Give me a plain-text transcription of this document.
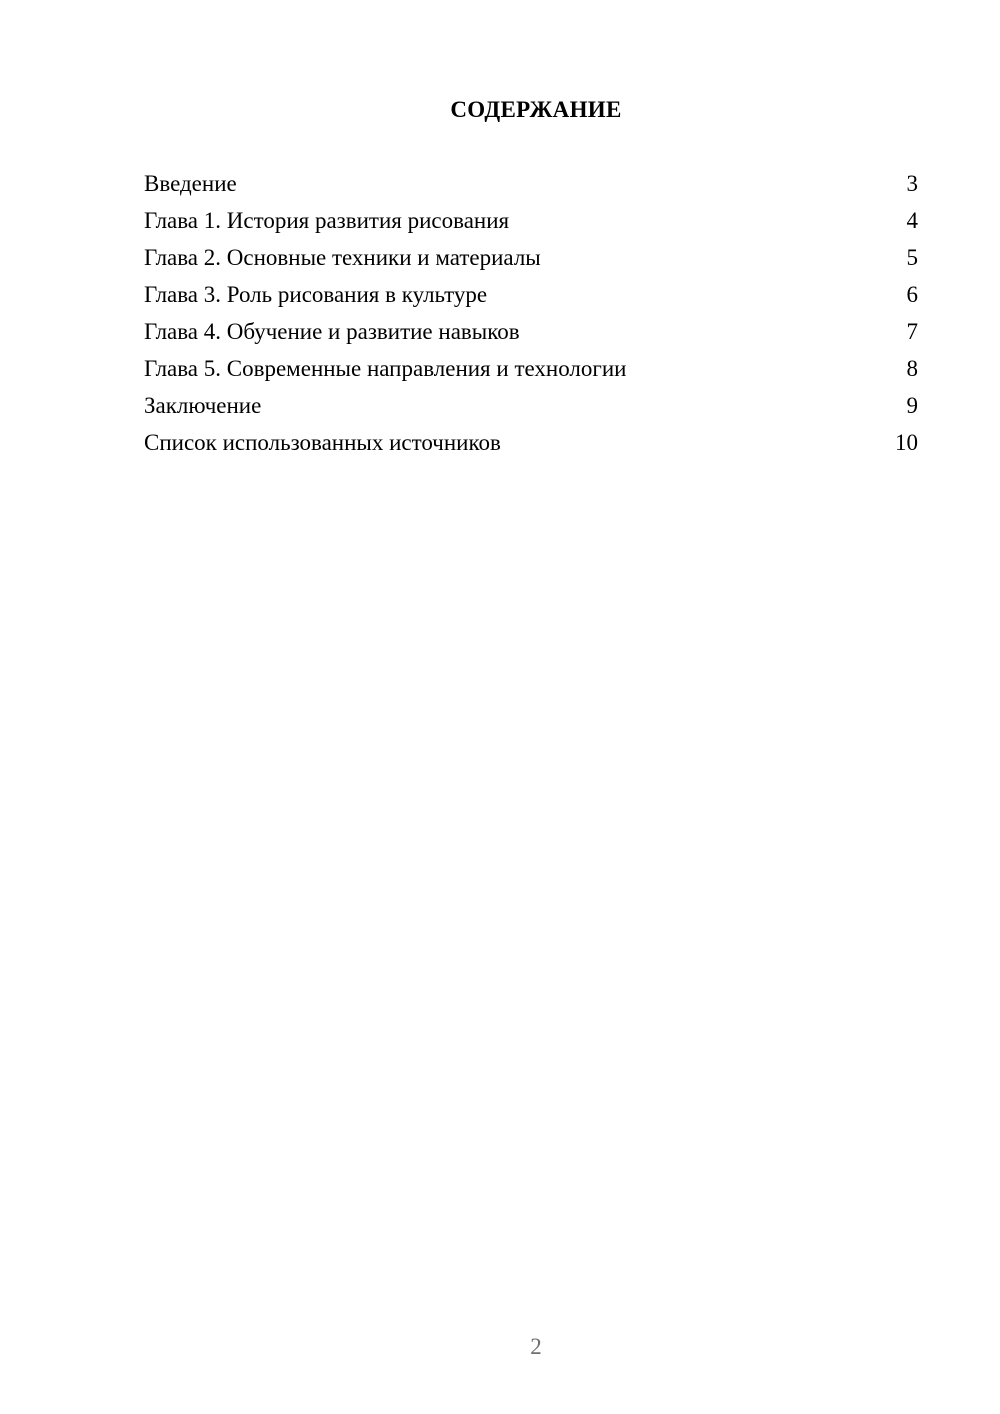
СОДЕРЖАНИЕ
Введение	3
Глава 1. История развития рисования	4
Глава 2. Основные техники и материалы	5
Глава 3. Роль рисования в культуре	6
Глава 4. Обучение и развитие навыков	7
Глава 5. Современные направления и технологии	8
Заключение	9
Список использованных источников	10
2
